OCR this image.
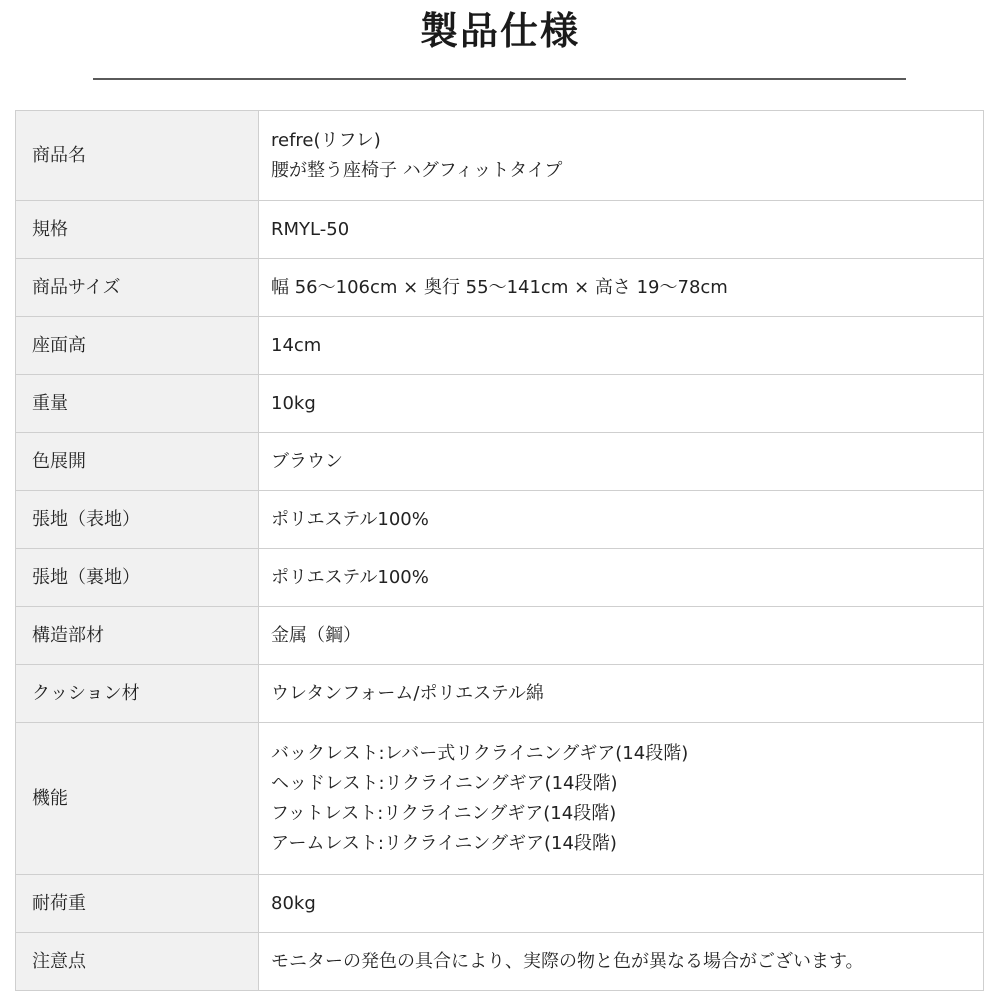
製品仕様
商品名	refre(リフレ)
腰が整う座椅子 ハグフィットタイプ

規格	RMYL-50

商品サイズ	幅 56〜106cm × 奥行 55〜141cm × 高さ 19〜78cm

座面高	14cm

重量	10kg

色展開	ブラウン

張地（表地）	ポリエステル100%

張地（裏地）	ポリエステル100%

構造部材	金属（鋼）

クッション材	ウレタンフォーム/ポリエステル綿

機能	バックレスト:レバー式リクライニングギア(14段階)
ヘッドレスト:リクライニングギア(14段階)
フットレスト:リクライニングギア(14段階)
アームレスト:リクライニングギア(14段階)

耐荷重	80kg

注意点	モニターの発色の具合により、実際の物と色が異なる場合がございます。
